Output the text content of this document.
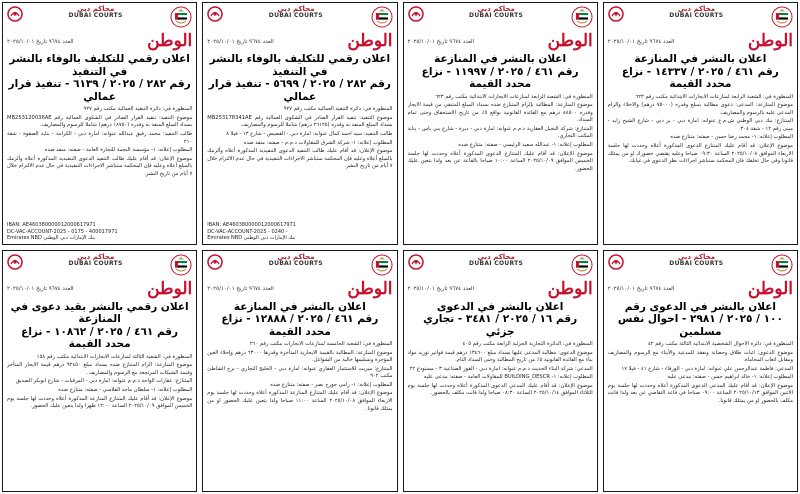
محاكم دبي
DUBAI COURTS
الوطن
العدد ٩٦٧٤ تاريخ ٢٠٢٥/١٠/٠١
اعلان بالنشر في المنازعة
رقم ٤٦١ / ٢٠٢٥ / ١٤٣٣٧ - نزاع محدد القيمة

المنظورة في: الشعبة الرابعة لمنازعات الايجارات الابتدائية مكتب رقم ٦٢٣

موضوع المنازعة: المدعى: دعوى مطالبة بمبلغ وقدره (٧٥٠٠٠ درهم) والاخلاء والزام المدعى عليه بالرسوم والمصاريف.

المتنازع: بنك دبي الوطني ش.م.ع عنوانه: امارة دبي - بر دبي - شارع الشيخ زايد - مبنى رقم ١٢ - شقة ٣٠٤

المطلوب إعلانه: ١- محمد رضا حسن - صفته: متنازع ضده

موضوع الإعلان: قد أقام عليك المتنازع الدعوى المذكورة أعلاه وحددت لها جلسة الاربعاء الموافق ٢٠٢٥/١٠/٠٨ الساعة ٠٩:٣٠ صباحا وعليه يقتضي حضورك او من يمثلك قانونا وفي حال تخلفك فان المحكمة ستباشر اجراءات نظر الدعوى في غيابك.

محاكم دبي
DUBAI COURTS
الوطن
العدد ٩٦٧٤ تاريخ ٢٠٢٥/١٠/٠١
اعلان بالنشر في المنازعة
رقم ٤٦١ / ٢٠٢٥ / ١١٩٩٧ - نزاع محدد القيمة

المنظورة في: الشعبة الرابعة لمنازعات الايجارات الابتدائية مكتب رقم ٦٢٣

موضوع المنازعة: المطالبة بإلزام المتنازع ضده بسداد المبلغ المتبقي من قيمة الايجار وقدره ٤٨٥٠٠ درهم مع الفائدة القانونية بواقع ٥٪ من تاريخ الاستحقاق وحتى تمام السداد.

المتنازع: شركة النخيل العقارية ذ.م.م عنوانه: امارة دبي - ديرة - شارع بني ياس - بناية المكتب التجاري.

المطلوب إعلانه: ١- عبدالله سعيد الرئيسي - صفته: متنازع ضده

موضوع الإعلان: قد أقام عليك المتنازع الدعوى المذكورة أعلاه وحددت لها جلسة الخميس الموافق ٢٠٢٥/١٠/٠٩ الساعة ١٠:٠٠ صباحا بالقاعة عن بعد ولذا يتعين عليك الحضور.

محاكم دبي
DUBAI COURTS
الوطن
العدد ٩٦٧٤ تاريخ ٢٠٢٥/١٠/٠١
اعلان رقمي للتكليف بالوفاء بالنشر في التنفيذ
رقم ٢٨٢ / ٢٠٢٥ / ٥٦٩٩ - تنفيذ قرار عمالي

المنظورة في: دائرة التنفيذ العمالية مكتب رقم ٩٢٧

موضوع التنفيذ: تنفيذ القرار الصادر في الشكوى العمالية رقم MB253178341AE بسداد المبلغ المنفذ به وقدره (٢٦١٢٥ درهم) شاملا للرسوم والمصاريف.

طالب التنفيذ: سيد احمد كمال عنوانه: امارة دبي - القصيص - شارع ١٣ - فيلا ٨

المطلوب إعلانه: ١- شركة الشرق للمقاولات ذ.م.م - صفته: منفذ ضده

موضوع الإعلان: قد أقام عليك طالب التنفيذ الدعوى التنفيذية المذكورة أعلاه وألزمك بالمبلغ أعلاه وعليه فإن المحكمة ستباشر الاجراءات التنفيذية في حال عدم الالتزام خلال ٧ أيام من تاريخ النشر.

IBAN: AE460380000012000617971
DC-VAC-ACCOUNT-2025 - 0240 -
Emirates NBD بنك الإمارات دبي الوطني
محاكم دبي
DUBAI COURTS
الوطن
العدد ٩٦٧٤ تاريخ ٢٠٢٥/١٠/٠١
اعلان رقمي للتكليف بالوفاء بالنشر في التنفيذ
رقم ٢٨٢ / ٢٠٢٥ / ٦١٣٩ - تنفيذ قرار عمالي

المنظورة في: دائرة التنفيذ العمالية مكتب رقم ٩٢٧

موضوع التنفيذ: تنفيذ القرار الصادر في الشكوى العمالية رقم MB253120036AE بسداد المبلغ المنفذ به وقدره (١٨٧٥٠ درهم) شاملا للرسوم والمصاريف.

طالب التنفيذ: محمد رفيق عبدالله عنوانه: امارة دبي - الكرامة - بناية الصفوة - شقة ٢١٠

المطلوب إعلانه: ١- مؤسسة النجمة للتجارة العامة - صفته: منفذ ضده

موضوع الإعلان: قد أقام عليك طالب التنفيذ الدعوى التنفيذية المذكورة أعلاه وألزمك بالمبلغ أعلاه وعليه فإن المحكمة ستباشر الاجراءات التنفيذية في حال عدم الالتزام خلال ٧ أيام من تاريخ النشر.

IBAN: AE460380000012000617971
DC-VAC-ACCOUNT-2025 - 0175 - 400017971
Emirates NBD بنك الإمارات دبي الوطني
محاكم دبي
DUBAI COURTS
الوطن
العدد ٩٦٧٤ تاريخ ٢٠٢٥/١٠/٠١
اعلان بالنشر في الدعوى رقم
١٠٠ / ٢٠٢٥ / ٢٩٨١ - احوال نفس مسلمين

المنظورة في: دائرة الأحوال الشخصية الابتدائية الثالثة مكتب رقم ٤٢

موضوع الدعوى: اثبات طلاق وحضانة ونفقة للمدعية والأبناء مع الرسوم والمصاريف ومقابل اتعاب المحاماة.

المدعي: فاطمة عبدالرحمن علي عنوانه: امارة دبي - الورقاء - شارع ٤١ - فيلا ١٧

المطلوب إعلانه: ١- خالد ابراهيم حسن - صفته: مدعى عليه

موضوع الإعلان: قد أقام عليك المدعي الدعوى المذكورة أعلاه وحددت لها جلسة يوم الاثنين الموافق ٢٠٢٥/١٠/١٣ الساعة ٠٩:٠٠ صباحا في قاعة التقاضي عن بعد ولذا فانت مكلف بالحضور او من يمثلك قانونا.

محاكم دبي
DUBAI COURTS
الوطن
العدد ٩٦٧٤ تاريخ ٢٠٢٥/١٠/٠١
اعلان بالنشر في الدعوى
رقم ١٦ / ٢٠٢٥ / ٣٤٨١ - تجاري جزئي

المنظورة في: الدائرة التجارية الجزئية الرابعة مكتب رقم ٤٠٥

موضوع الدعوى: مطالبة المدعى عليها بسداد مبلغ ١٣٤٦٠٠ درهم قيمة فواتير توريد مواد بناء مع الفائدة القانونية ٥٪ من تاريخ المطالبة وحتى السداد التام.

المدعي: شركة البناء الحديث ذ.م.م عنوانه: امارة دبي - القوز الصناعية ٣ - مستودع ٢٢

المطلوب إعلانه: ١- BUILDING_DESCR للمقاولات العامة - صفته: مدعى عليه

موضوع الإعلان: قد أقام عليك المدعي الدعوى المذكورة أعلاه وحددت لها جلسة يوم الثلاثاء الموافق ٢٠٢٥/١٠/١٤ الساعة ٠٨:٣٠ صباحا ولذا فانت مكلف بالحضور.

محاكم دبي
DUBAI COURTS
الوطن
العدد ٩٦٧٤ تاريخ ٢٠٢٥/١٠/٠١
اعلان بالنشر في المنازعة
رقم ٤٦١ / ٢٠٢٥ / ١٢٨٨٨ - نزاع محدد القيمة

المنظورة في: الشعبة الخامسة لمنازعات الايجارات مكتب رقم ٢٦٠

موضوع المنازعة: المطالبة بالقيمة الايجارية المتأخرة وقدرها ٦٣٠٠٠ درهم وإخلاء العين المؤجرة وتسليمها خالية من الشواغل.

المتنازع: ميريت للاستثمار العقاري عنوانه: امارة دبي - الخليج التجاري - برج الشاطئ مكتب ٩٠٢

المطلوب إعلانه: ١- رامي جورج نصر - صفته: متنازع ضده

موضوع الإعلان: قد أقام عليك المتنازع المنازعة المذكورة أعلاه وحددت لها جلسة يوم الاربعاء الموافق ٢٠٢٥/١٠/٠٨ الساعة ١١:٠٠ صباحا ولذا يتعين عليك الحضور او من يمثلك قانونا.

محاكم دبي
DUBAI COURTS
الوطن
العدد ٩٦٧٤ تاريخ ٢٠٢٥/١٠/٠١
اعلان رقمي بالنشر بقيد دعوى في المنازعة
رقم ٤٦١ / ٢٠٢٥ / ١٠٨٦٢ - نزاع محدد القيمة

المنظورة في: الشعبة الثالثة لمنازعات الايجارات الابتدائية مكتب رقم ١٥٨

موضوع المنازعة: الزام المتنازع ضده بسداد مبلغ ٩٢٤٥٠ درهم قيمة الايجار المتأخر وقيمة الشيكات المرتجعة مع الرسوم والمصاريف.

المتنازع: عقارات الواحة ذ.م.م عنوانه: امارة دبي - المرقبات - شارع ابوبكر الصديق

المطلوب إعلانه: ١- سلطان ماجد الفلاسي - صفته: متنازع ضده

موضوع الإعلان: قد أقام عليك المتنازع المنازعة المذكورة أعلاه وحددت لها جلسة يوم الخميس الموافق ٢٠٢٥/١٠/٠٩ الساعة ١٢:٠٠ ظهرا ولذا يتعين عليك الحضور.
